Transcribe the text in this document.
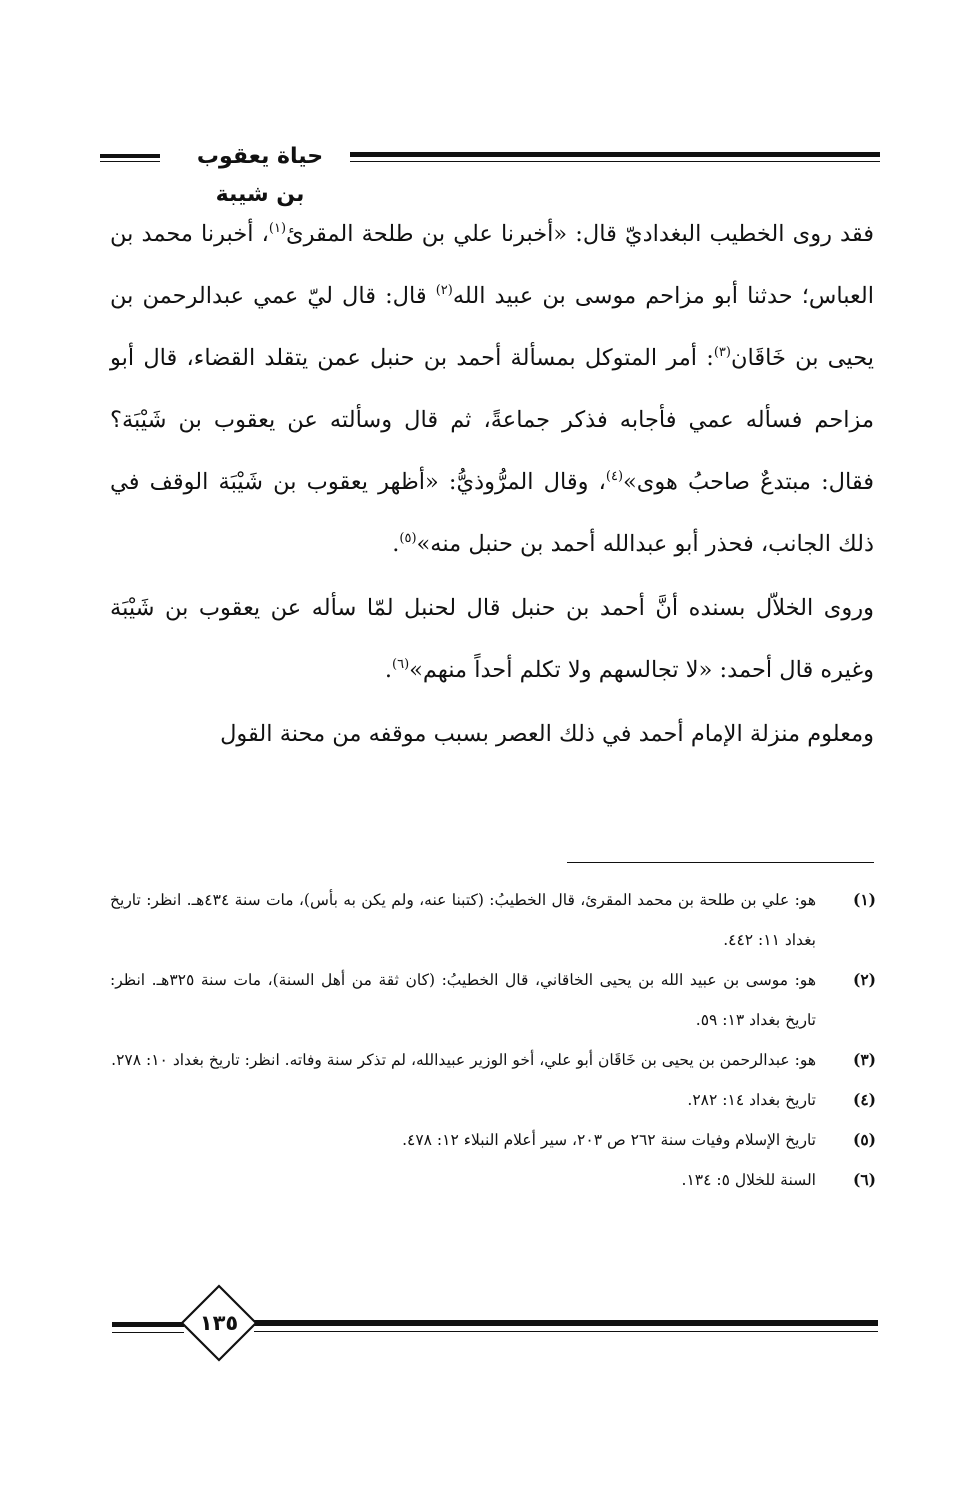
حياة يعقوب بن شيبة

فقد روى الخطيب البغداديّ قال: «أخبرنا علي بن طلحة المقرئ$^{(١)}$، أخبرنا محمد بن العباس؛ حدثنا أبو مزاحم موسى بن عبيد الله$^{(٢)}$ قال: قال ليّ عمي عبدالرحمن بن يحيى بن خَاقَان$^{(٣)}$: أمر المتوكل بمسألة أحمد بن حنبل عمن يتقلد القضاء، قال أبو مزاحم فسأله عمي فأجابه فذكر جماعةً، ثم قال وسألته عن يعقوب بن شَيْبَة؟ فقال: مبتدعٌ صاحبُ هوى»$^{(٤)}$، وقال المرُّوذيُّ: «أظهر يعقوب بن شَيْبَة الوقف في ذلك الجانب، فحذر أبو عبدالله أحمد بن حنبل منه»$^{(٥)}$.

وروى الخلاّل بسنده أنَّ أحمد بن حنبل قال لحنبل لمّا سأله عن يعقوب بن شَيْبَة وغيره قال أحمد: «لا تجالسهم ولا تكلم أحداً منهم»$^{(٦)}$.

ومعلوم منزلة الإمام أحمد في ذلك العصر بسبب موقفه من محنة القول

(١)
هو: علي بن طلحة بن محمد المقرئ، قال الخطيبُ: (كتبنا عنه، ولم يكن به بأس)، مات سنة ٤٣٤هـ. انظر: تاريخ بغداد ١١: ٤٤٢.
(٢)
هو: موسى بن عبيد الله بن يحيى الخاقاني، قال الخطيبُ: (كان ثقة من أهل السنة)، مات سنة ٣٢٥هـ. انظر: تاريخ بغداد ١٣: ٥٩.
(٣)
هو: عبدالرحمن بن يحيى بن خَاقَان أبو علي، أخو الوزير عبيدالله، لم تذكر سنة وفاته. انظر: تاريخ بغداد ١٠: ٢٧٨.
(٤)
تاريخ بغداد ١٤: ٢٨٢.
(٥)
تاريخ الإسلام وفيات سنة ٢٦٢ ص ٢٠٣، سير أعلام النبلاء ١٢: ٤٧٨.
(٦)
السنة للخلال ٥: ١٣٤.
١٣٥
